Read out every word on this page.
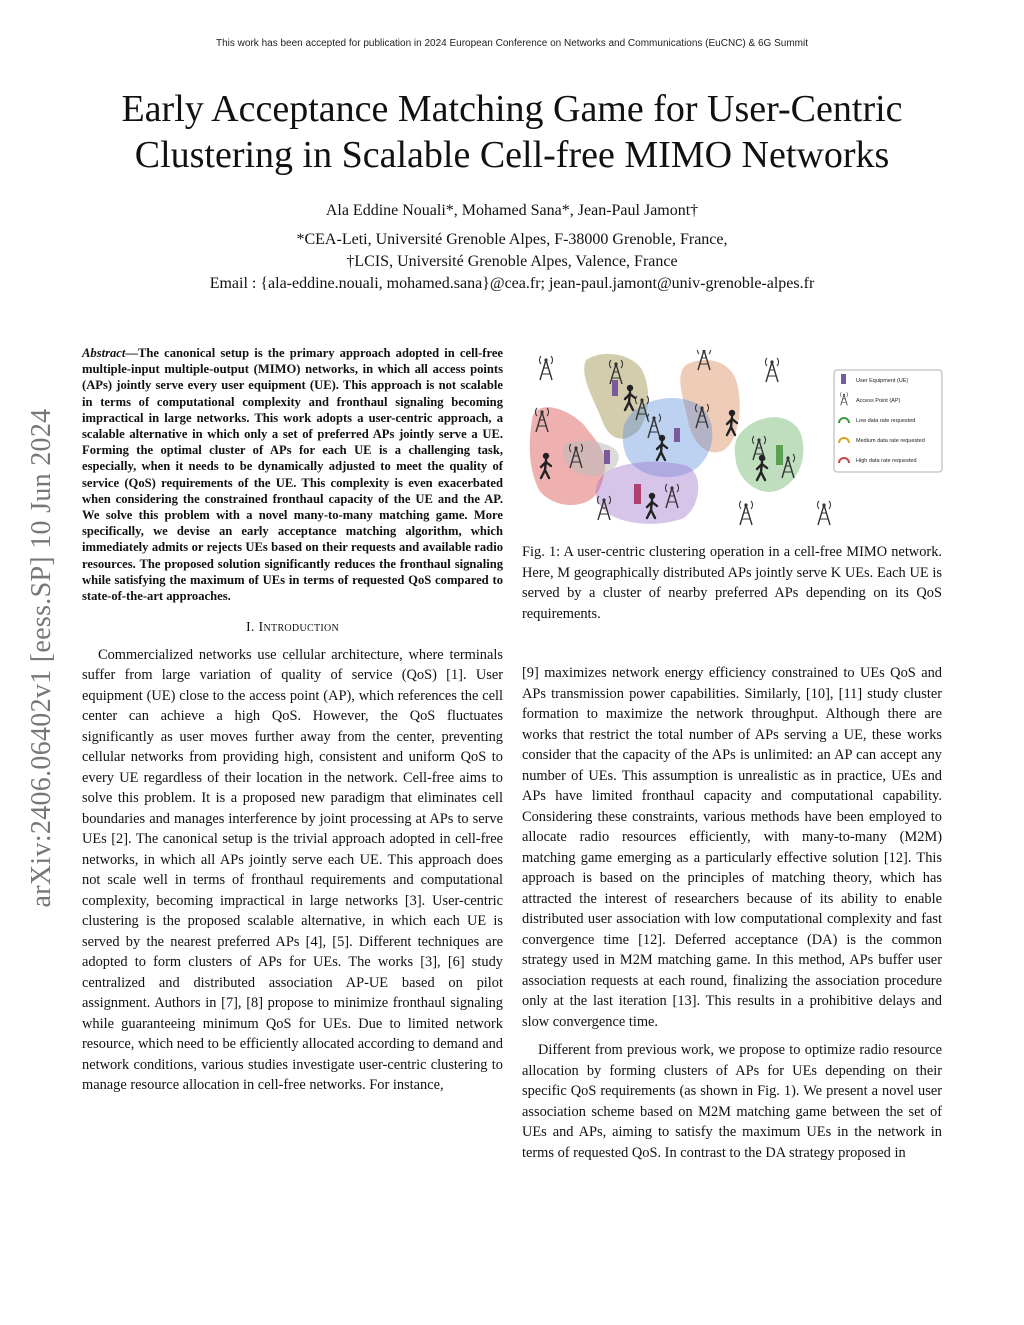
This work has been accepted for publication in 2024 European Conference on Networks and Communications (EuCNC) & 6G Summit
Early Acceptance Matching Game for User-Centric
Clustering in Scalable Cell-free MIMO Networks
Ala Eddine Nouali*, Mohamed Sana*, Jean-Paul Jamont†
*CEA-Leti, Université Grenoble Alpes, F-38000 Grenoble, France,
†LCIS, Université Grenoble Alpes, Valence, France
Email : {ala-eddine.nouali, mohamed.sana}@cea.fr; jean-paul.jamont@univ-grenoble-alpes.fr
arXiv:2406.06402v1 [eess.SP] 10 Jun 2024

Abstract—The canonical setup is the primary approach adopted in cell-free multiple-input multiple-output (MIMO) networks, in which all access points (APs) jointly serve every user equipment (UE). This approach is not scalable in terms of computational complexity and fronthaul signaling becoming impractical in large networks. This work adopts a user-centric approach, a scalable alternative in which only a set of preferred APs jointly serve a UE. Forming the optimal cluster of APs for each UE is a challenging task, especially, when it needs to be dynamically adjusted to meet the quality of service (QoS) requirements of the UE. This complexity is even exacerbated when considering the constrained fronthaul capacity of the UE and the AP. We solve this problem with a novel many-to-many matching game. More specifically, we devise an early acceptance matching algorithm, which immediately admits or rejects UEs based on their requests and available radio resources. The proposed solution significantly reduces the fronthaul signaling while satisfying the maximum of UEs in terms of requested QoS compared to state-of-the-art approaches.

I. Introduction

Commercialized networks use cellular architecture, where terminals suffer from large variation of quality of service (QoS) [1]. User equipment (UE) close to the access point (AP), which references the cell center can achieve a high QoS. However, the QoS fluctuates significantly as user moves further away from the center, preventing cellular networks from providing high, consistent and uniform QoS to every UE regardless of their location in the network. Cell-free aims to solve this problem. It is a proposed new paradigm that eliminates cell boundaries and manages interference by joint processing at APs to serve UEs [2]. The canonical setup is the trivial approach adopted in cell-free networks, in which all APs jointly serve each UE. This approach does not scale well in terms of fronthaul requirements and computational complexity, becoming impractical in large networks [3]. User-centric clustering is the proposed scalable alternative, in which each UE is served by the nearest preferred APs [4], [5]. Different techniques are adopted to form clusters of APs for UEs. The works [3], [6] study centralized and distributed association AP-UE based on pilot assignment. Authors in [7], [8] propose to minimize fronthaul signaling while guaranteeing minimum QoS for UEs. Due to limited network resource, which need to be efficiently allocated according to demand and network conditions, various studies investigate user-centric clustering to manage resource allocation in cell-free networks. For instance,

User Equipment (UE)
Access Point (AP)
Low data rate requested
Medium data rate requested
High data rate requested
Fig. 1: A user-centric clustering operation in a cell-free MIMO network. Here, M geographically distributed APs jointly serve K UEs. Each UE is served by a cluster of nearby preferred APs depending on its QoS requirements.

[9] maximizes network energy efficiency constrained to UEs QoS and APs transmission power capabilities. Similarly, [10], [11] study cluster formation to maximize the network throughput. Although there are works that restrict the total number of APs serving a UE, these works consider that the capacity of the APs is unlimited: an AP can accept any number of UEs. This assumption is unrealistic as in practice, UEs and APs have limited fronthaul capacity and computational capability. Considering these constraints, various methods have been employed to allocate radio resources efficiently, with many-to-many (M2M) matching game emerging as a particularly effective solution [12]. This approach is based on the principles of matching theory, which has attracted the interest of researchers because of its ability to enable distributed user association with low computational complexity and fast convergence time [12]. Deferred acceptance (DA) is the common strategy used in M2M matching game. In this method, APs buffer user association requests at each round, finalizing the association procedure only at the last iteration [13]. This results in a prohibitive delays and slow convergence time.

Different from previous work, we propose to optimize radio resource allocation by forming clusters of APs for UEs depending on their specific QoS requirements (as shown in Fig. 1). We present a novel user association scheme based on M2M matching game between the set of UEs and APs, aiming to satisfy the maximum UEs in the network in terms of requested QoS. In contrast to the DA strategy proposed in
